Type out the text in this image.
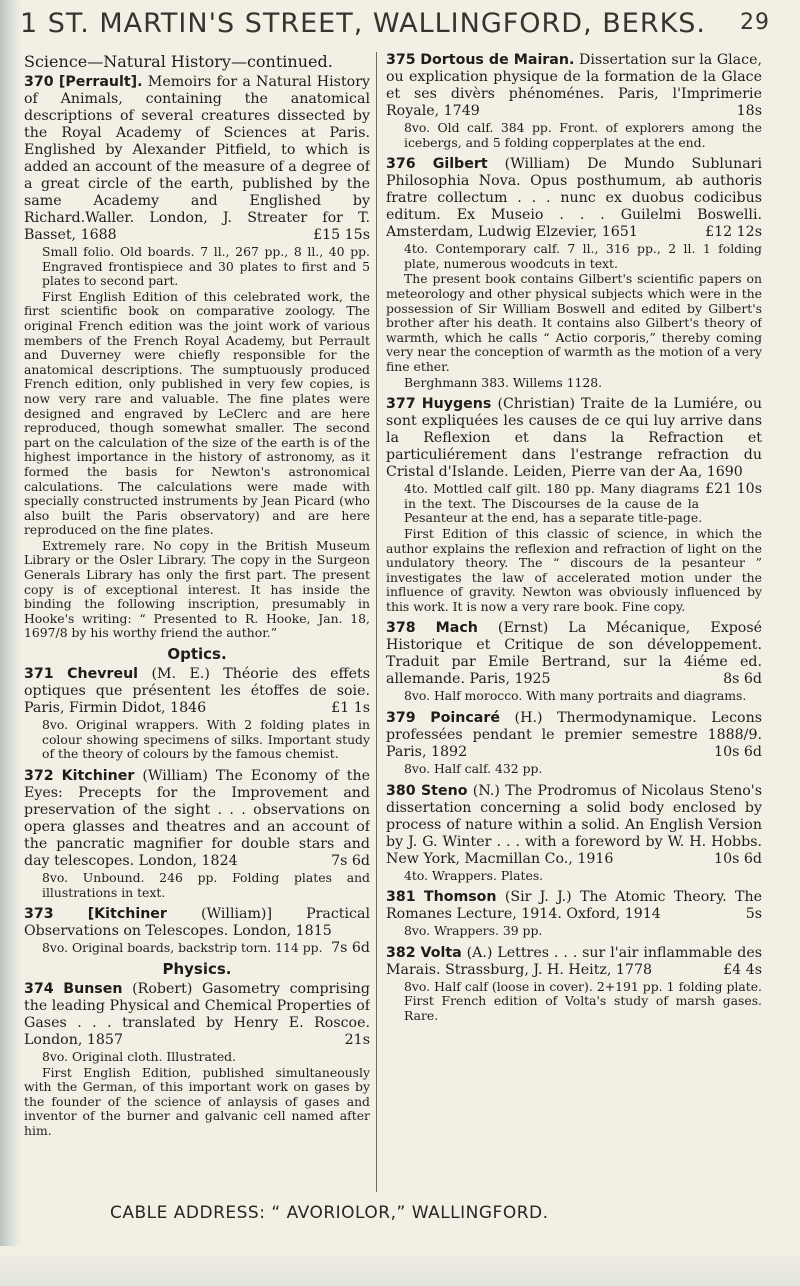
1 ST. MARTIN'S STREET, WALLINGFORD, BERKS. 29
Science—Natural History—continued.
370 [Perrault]. Memoirs for a Natural History of Animals, containing the anatomical descriptions of several creatures dissected by the Royal Academy of Sciences at Paris. Englished by Alexander Pitfield, to which is added an account of the measure of a degree of a great circle of the earth, published by the same Academy and Englished by Richard.Waller. London, J. Streater for T. Basset, 1688	£15 15s
Small folio. Old boards. 7 ll., 267 pp., 8 ll., 40 pp. Engraved frontispiece and 30 plates to first and 5 plates to second part.
First English Edition of this celebrated work, the first scientific book on comparative zoology. The original French edition was the joint work of various members of the French Royal Academy, but Perrault and Duverney were chiefly responsible for the anatomical descriptions. The sumptuously produced French edition, only published in very few copies, is now very rare and valuable. The fine plates were designed and engraved by LeClerc and are here reproduced, though somewhat smaller. The second part on the calculation of the size of the earth is of the highest importance in the history of astronomy, as it formed the basis for Newton's astronomical calculations. The calculations were made with specially constructed instruments by Jean Picard (who also built the Paris observatory) and are here reproduced on the fine plates.
Extremely rare. No copy in the British Museum Library or the Osler Library. The copy in the Surgeon Generals Library has only the first part. The present copy is of exceptional interest. It has inside the binding the following inscription, presumably in Hooke's writing: “ Presented to R. Hooke, Jan. 18, 1697/8 by his worthy friend the author.”
Optics.
371 Chevreul (M. E.) Théorie des effets optiques que présentent les étoffes de soie. Paris, Firmin Didot, 1846	£1 1s
8vo. Original wrappers. With 2 folding plates in colour showing specimens of silks. Important study of the theory of colours by the famous chemist.
372 Kitchiner (William) The Economy of the Eyes: Precepts for the Improvement and preservation of the sight . . . observations on opera glasses and theatres and an account of the pancratic magnifier for double stars and day telescopes. London, 1824	7s 6d
8vo. Unbound. 246 pp. Folding plates and illustrations in text.
373 [Kitchiner (William)] Practical Observations on Telescopes. London, 1815
7s 6d
8vo. Original boards, backstrip torn. 114 pp.
Physics.
374 Bunsen (Robert) Gasometry comprising the leading Physical and Chemical Properties of Gases . . . translated by Henry E. Roscoe. London, 1857	21s
8vo. Original cloth. Illustrated.
First English Edition, published simultaneously with the German, of this important work on gases by the founder of the science of anlaysis of gases and inventor of the burner and galvanic cell named after him.
375 Dortous de Mairan. Dissertation sur la Glace, ou explication physique de la formation de la Glace et ses divèrs phénoménes. Paris, l'Imprimerie Royale, 1749	18s
8vo. Old calf. 384 pp. Front. of explorers among the icebergs, and 5 folding copperplates at the end.
376 Gilbert (William) De Mundo Sublunari Philosophia Nova. Opus posthumum, ab authoris fratre collectum . . . nunc ex duobus codicibus editum. Ex Museio . . . Guilelmi Boswelli. Amsterdam, Ludwig Elzevier, 1651	£12 12s
4to. Contemporary calf. 7 ll., 316 pp., 2 ll. 1 folding plate, numerous woodcuts in text.
The present book contains Gilbert's scientific papers on meteorology and other physical subjects which were in the possession of Sir William Boswell and edited by Gilbert's brother after his death. It contains also Gilbert's theory of warmth, which he calls “ Actio corporis,” thereby coming very near the conception of warmth as the motion of a very fine ether.
Berghmann 383. Willems 1128.
377 Huygens (Christian) Traite de la Lumiére, ou sont expliquées les causes de ce qui luy arrive dans la Reflexion et dans la Refraction et particuliérement dans l'estrange refraction du Cristal d'Islande. Leiden, Pierre van der Aa, 1690
£21 10s
4to. Mottled calf gilt. 180 pp. Many diagrams in the text. The Discourses de la cause de la Pesanteur at the end, has a separate title-page.
First Edition of this classic of science, in which the author explains the reflexion and refraction of light on the undulatory theory. The “ discours de la pesanteur ” investigates the law of accelerated motion under the influence of gravity. Newton was obviously influenced by this work. It is now a very rare book. Fine copy.
378 Mach (Ernst) La Mécanique, Exposé Historique et Critique de son développement. Traduit par Emile Bertrand, sur la 4iéme ed. allemande. Paris, 1925	8s 6d
8vo. Half morocco. With many portraits and diagrams.
379 Poincaré (H.) Thermodynamique. Lecons professées pendant le premier semestre 1888/9. Paris, 1892	10s 6d
8vo. Half calf. 432 pp.
380 Steno (N.) The Prodromus of Nicolaus Steno's dissertation concerning a solid body enclosed by process of nature within a solid. An English Version by J. G. Winter . . . with a foreword by W. H. Hobbs. New York, Macmillan Co., 1916	10s 6d
4to. Wrappers. Plates.
381 Thomson (Sir J. J.) The Atomic Theory. The Romanes Lecture, 1914. Oxford, 1914	5s
8vo. Wrappers. 39 pp.
382 Volta (A.) Lettres . . . sur l'air inflammable des Marais. Strassburg, J. H. Heitz, 1778	£4 4s
8vo. Half calf (loose in cover). 2+191 pp. 1 folding plate. First French edition of Volta's study of marsh gases. Rare.
CABLE ADDRESS: “ AVORIOLOR,” WALLINGFORD.
